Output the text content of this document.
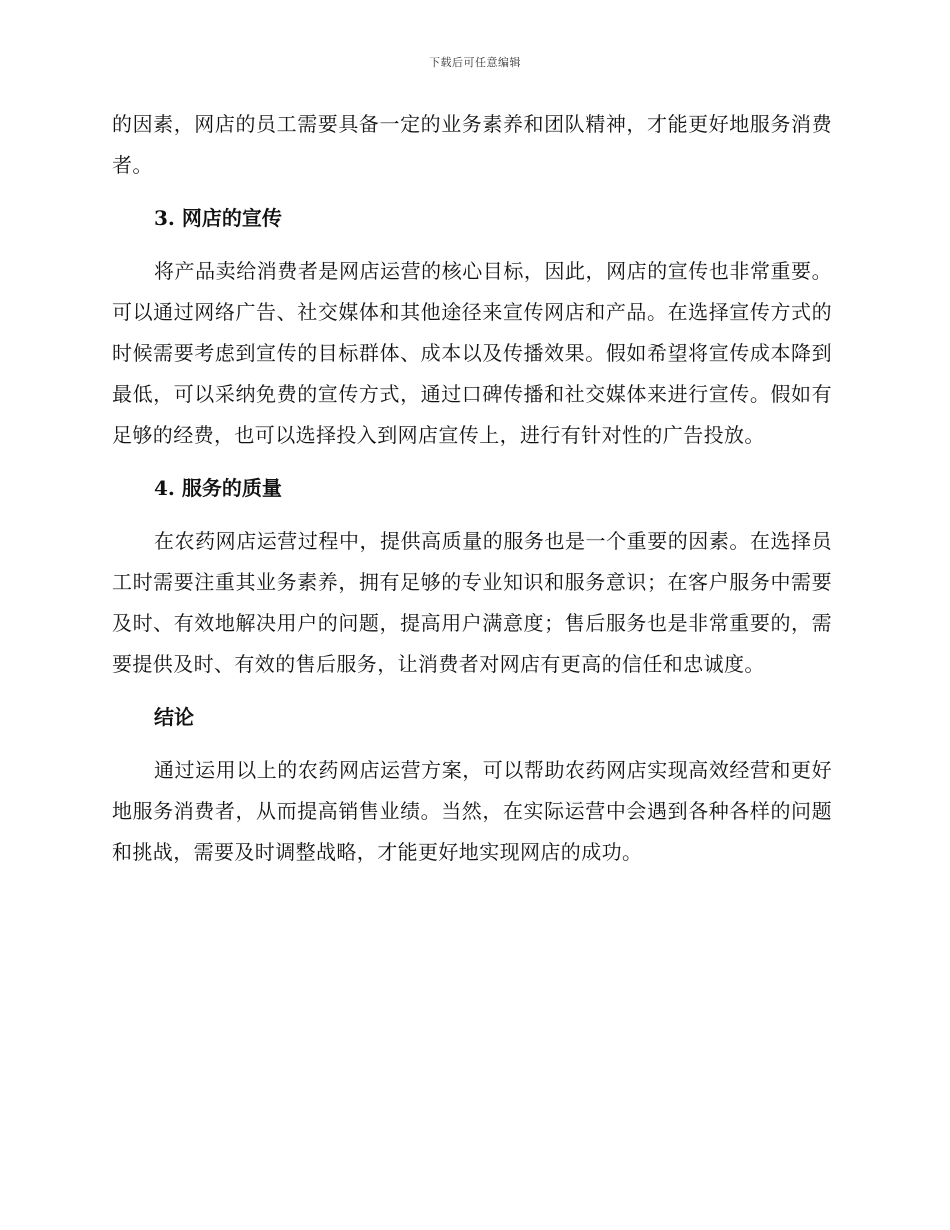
下载后可任意编辑

的因素，网店的员工需要具备一定的业务素养和团队精神，才能更好地服务消费者。

3. 网店的宣传

将产品卖给消费者是网店运营的核心目标，因此，网店的宣传也非常重要。可以通过网络广告、社交媒体和其他途径来宣传网店和产品。在选择宣传方式的时候需要考虑到宣传的目标群体、成本以及传播效果。假如希望将宣传成本降到最低，可以采纳免费的宣传方式，通过口碑传播和社交媒体来进行宣传。假如有足够的经费，也可以选择投入到网店宣传上，进行有针对性的广告投放。

4. 服务的质量

在农药网店运营过程中，提供高质量的服务也是一个重要的因素。在选择员工时需要注重其业务素养，拥有足够的专业知识和服务意识；在客户服务中需要及时、有效地解决用户的问题，提高用户满意度；售后服务也是非常重要的，需要提供及时、有效的售后服务，让消费者对网店有更高的信任和忠诚度。

结论

通过运用以上的农药网店运营方案，可以帮助农药网店实现高效经营和更好地服务消费者，从而提高销售业绩。当然，在实际运营中会遇到各种各样的问题和挑战，需要及时调整战略，才能更好地实现网店的成功。
